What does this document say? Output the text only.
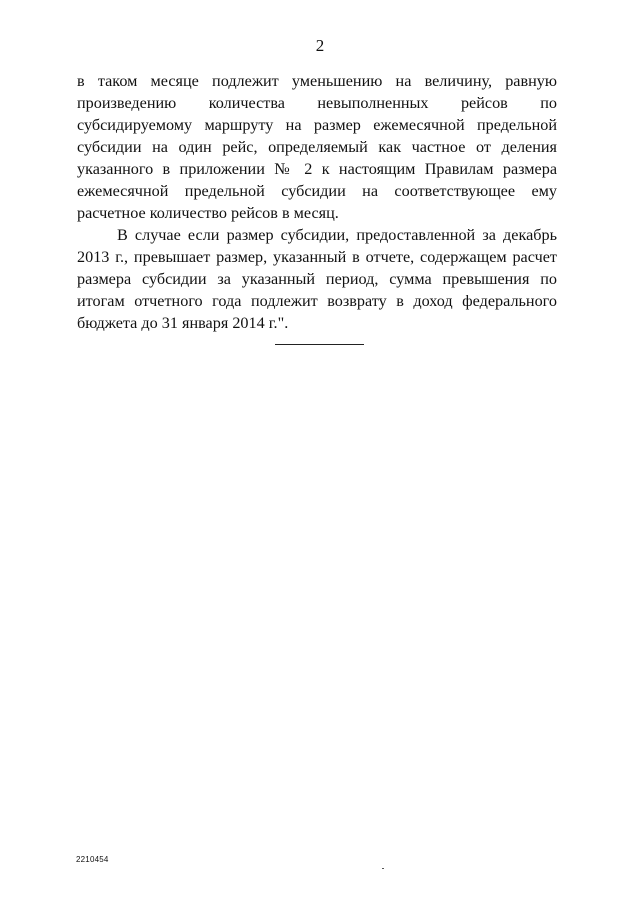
2

в таком месяце подлежит уменьшению на величину, равную произведению количества невыполненных рейсов по субсидируемому маршруту на размер ежемесячной предельной субсидии на один рейс, определяемый как частное от деления указанного в приложении № 2 к настоящим Правилам размера ежемесячной предельной субсидии на соответствующее ему расчетное количество рейсов в месяц.

В случае если размер субсидии, предоставленной за декабрь 2013 г., превышает размер, указанный в отчете, содержащем расчет размера субсидии за указанный период, сумма превышения по итогам отчетного года подлежит возврату в доход федерального бюджета до 31 января 2014 г.".

2210454
